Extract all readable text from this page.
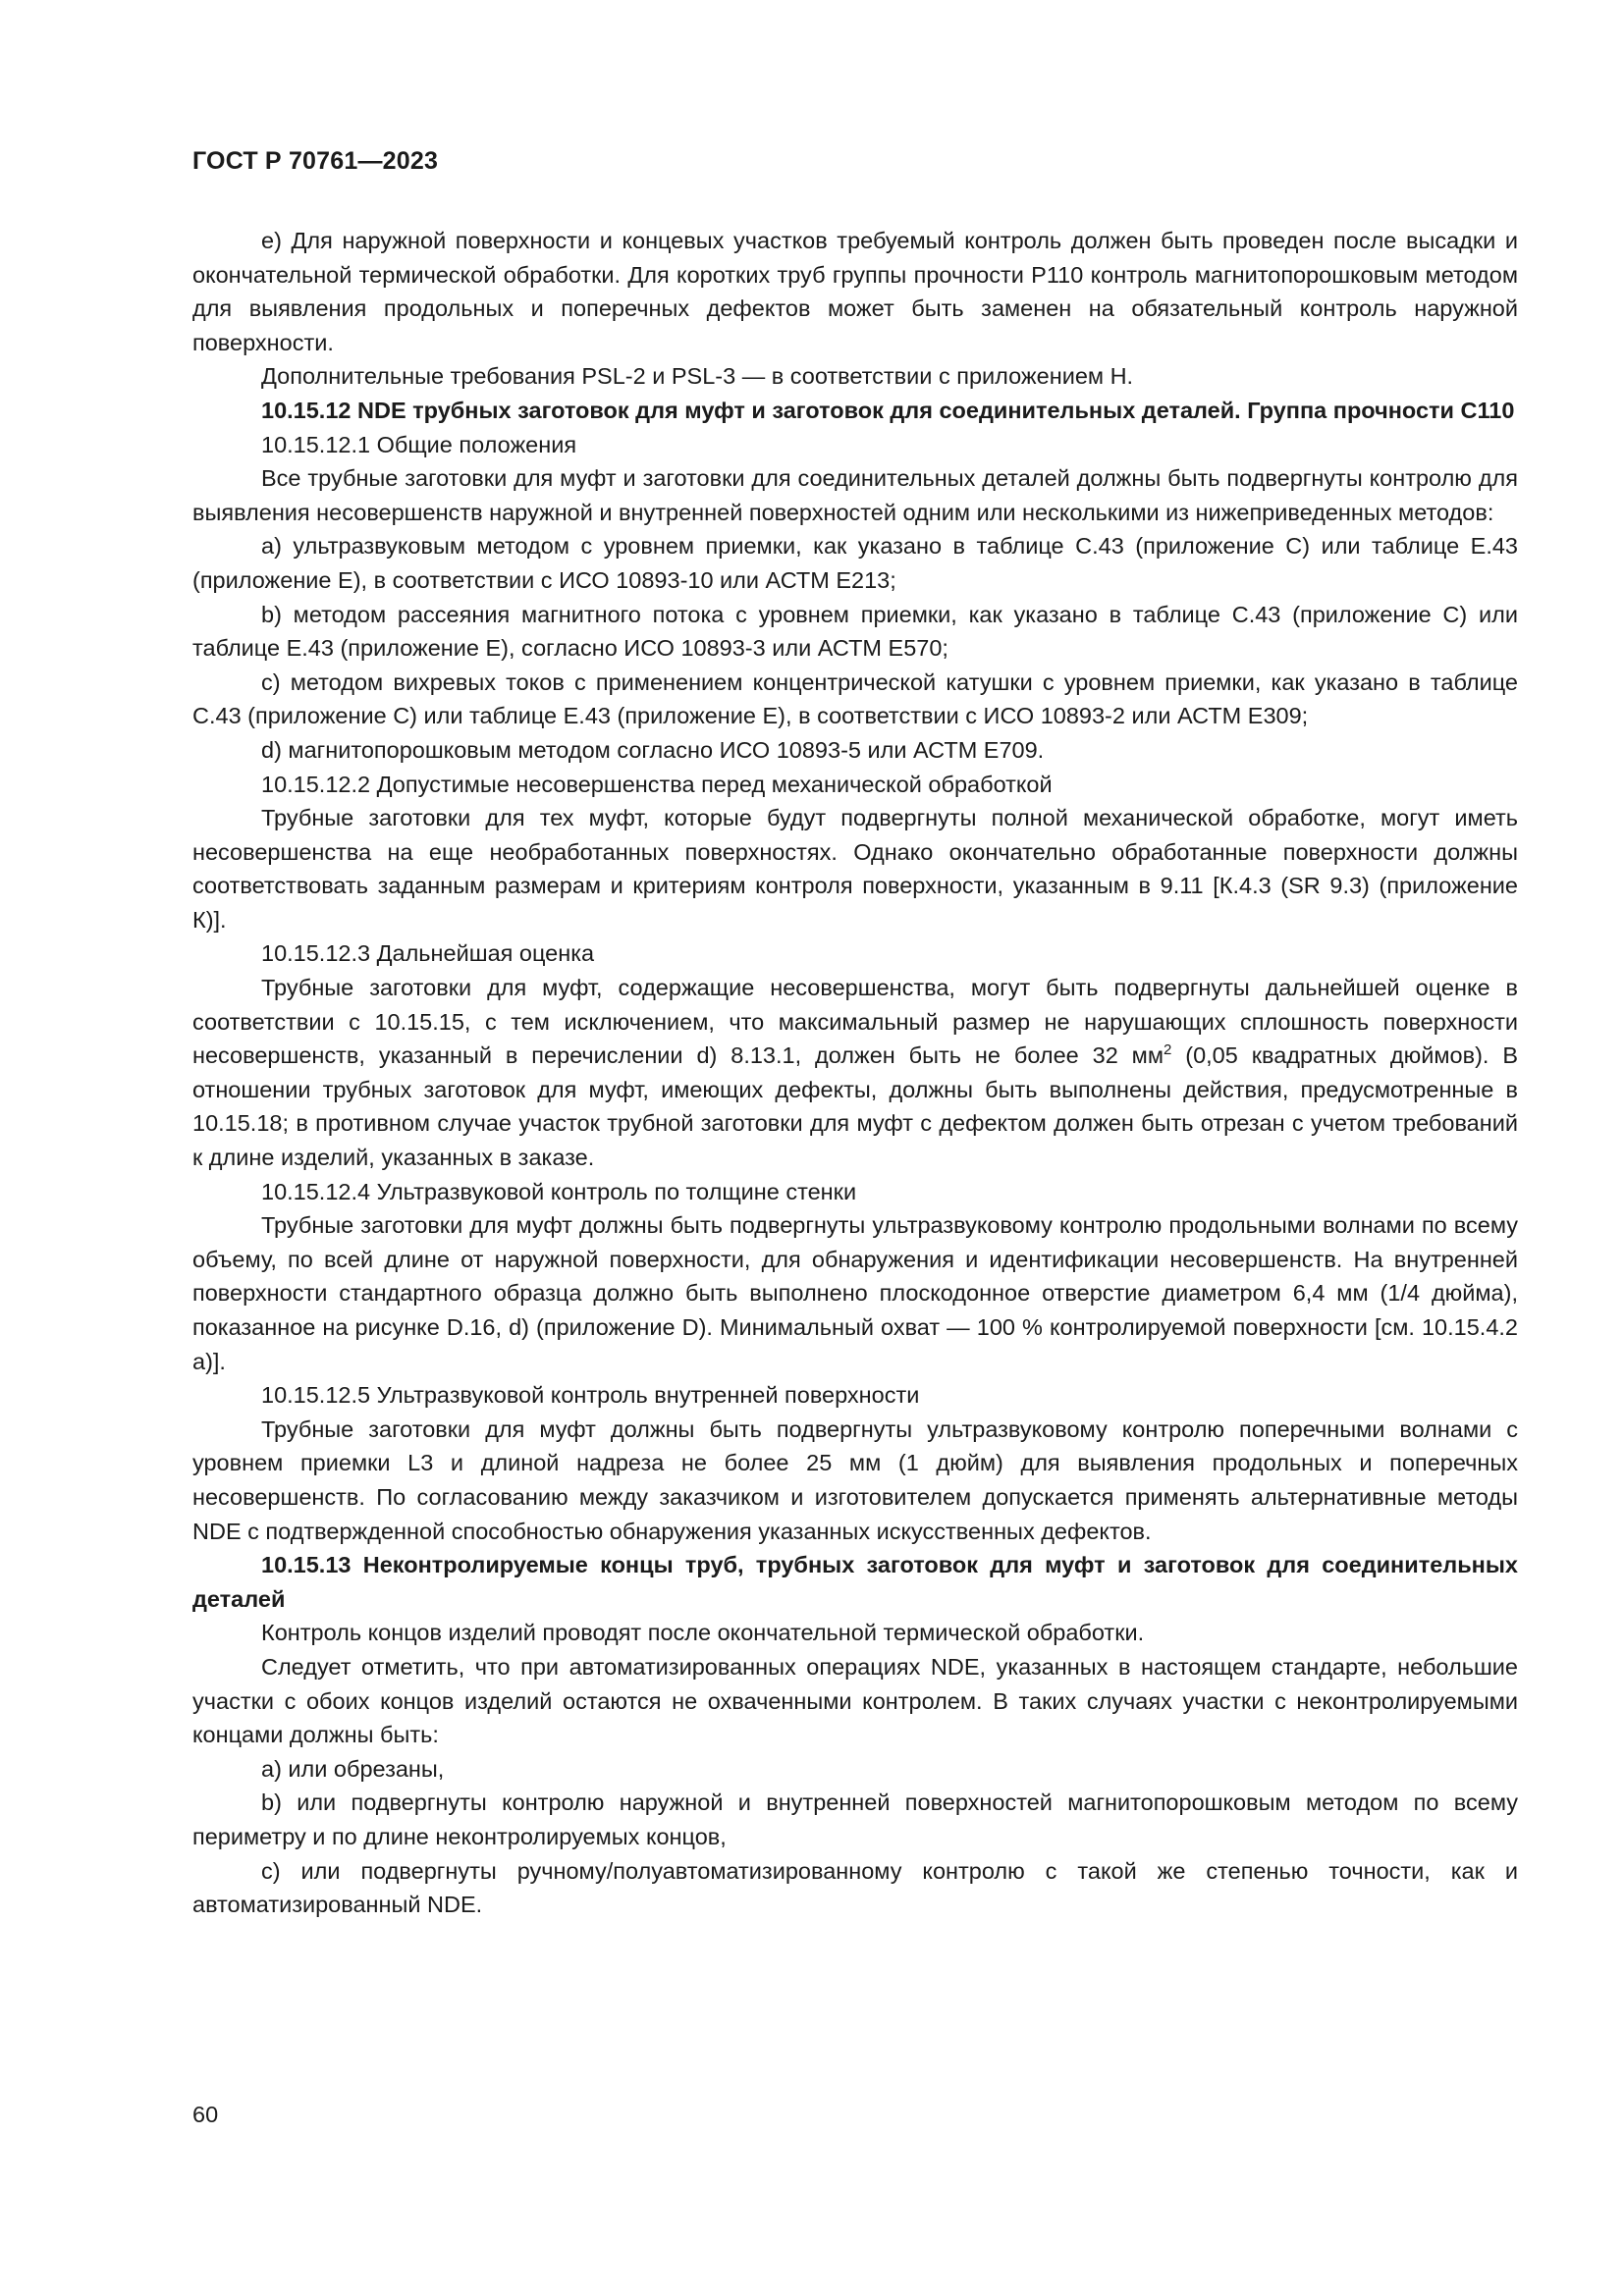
ГОСТ Р 70761—2023

е) Для наружной поверхности и концевых участков требуемый контроль должен быть проведен после высадки и окончательной термической обработки. Для коротких труб группы прочности Р110 контроль магнитопорошковым методом для выявления продольных и поперечных дефектов может быть заменен на обязательный контроль наружной поверхности.

Дополнительные требования PSL-2 и PSL-3 — в соответствии с приложением Н.

10.15.12 NDE трубных заготовок для муфт и заготовок для соединительных деталей. Группа прочности С110

10.15.12.1 Общие положения

Все трубные заготовки для муфт и заготовки для соединительных деталей должны быть подвергнуты контролю для выявления несовершенств наружной и внутренней поверхностей одним или несколькими из нижеприведенных методов:

a) ультразвуковым методом с уровнем приемки, как указано в таблице С.43 (приложение С) или таблице Е.43 (приложение Е), в соответствии с ИСО 10893-10 или АСТМ Е213;

b) методом рассеяния магнитного потока с уровнем приемки, как указано в таблице С.43 (приложение С) или таблице Е.43 (приложение Е), согласно ИСО 10893-3 или АСТМ Е570;

c) методом вихревых токов с применением концентрической катушки с уровнем приемки, как указано в таблице С.43 (приложение С) или таблице Е.43 (приложение Е), в соответствии с ИСО 10893-2 или АСТМ Е309;

d) магнитопорошковым методом согласно ИСО 10893-5 или АСТМ Е709.

10.15.12.2 Допустимые несовершенства перед механической обработкой

Трубные заготовки для тех муфт, которые будут подвергнуты полной механической обработке, могут иметь несовершенства на еще необработанных поверхностях. Однако окончательно обработанные поверхности должны соответствовать заданным размерам и критериям контроля поверхности, указанным в 9.11 [К.4.3 (SR 9.3) (приложение К)].

10.15.12.3 Дальнейшая оценка

Трубные заготовки для муфт, содержащие несовершенства, могут быть подвергнуты дальнейшей оценке в соответствии с 10.15.15, с тем исключением, что максимальный размер не нарушающих сплошность поверхности несовершенств, указанный в перечислении d) 8.13.1, должен быть не более 32 $мм^2$ (0,05 квадратных дюймов). В отношении трубных заготовок для муфт, имеющих дефекты, должны быть выполнены действия, предусмотренные в 10.15.18; в противном случае участок трубной заготовки для муфт с дефектом должен быть отрезан с учетом требований к длине изделий, указанных в заказе.

10.15.12.4 Ультразвуковой контроль по толщине стенки

Трубные заготовки для муфт должны быть подвергнуты ультразвуковому контролю продольными волнами по всему объему, по всей длине от наружной поверхности, для обнаружения и идентификации несовершенств. На внутренней поверхности стандартного образца должно быть выполнено плоскодонное отверстие диаметром 6,4 мм (1/4 дюйма), показанное на рисунке D.16, d) (приложение D). Минимальный охват — 100 % контролируемой поверхности [см. 10.15.4.2 а)].

10.15.12.5 Ультразвуковой контроль внутренней поверхности

Трубные заготовки для муфт должны быть подвергнуты ультразвуковому контролю поперечными волнами с уровнем приемки L3 и длиной надреза не более 25 мм (1 дюйм) для выявления продольных и поперечных несовершенств. По согласованию между заказчиком и изготовителем допускается применять альтернативные методы NDE с подтвержденной способностью обнаружения указанных искусственных дефектов.

10.15.13 Неконтролируемые концы труб, трубных заготовок для муфт и заготовок для соединительных деталей

Контроль концов изделий проводят после окончательной термической обработки.

Следует отметить, что при автоматизированных операциях NDE, указанных в настоящем стандарте, небольшие участки с обоих концов изделий остаются не охваченными контролем. В таких случаях участки с неконтролируемыми концами должны быть:

a) или обрезаны,

b) или подвергнуты контролю наружной и внутренней поверхностей магнитопорошковым методом по всему периметру и по длине неконтролируемых концов,

c) или подвергнуты ручному/полуавтоматизированному контролю с такой же степенью точности, как и автоматизированный NDE.

60
